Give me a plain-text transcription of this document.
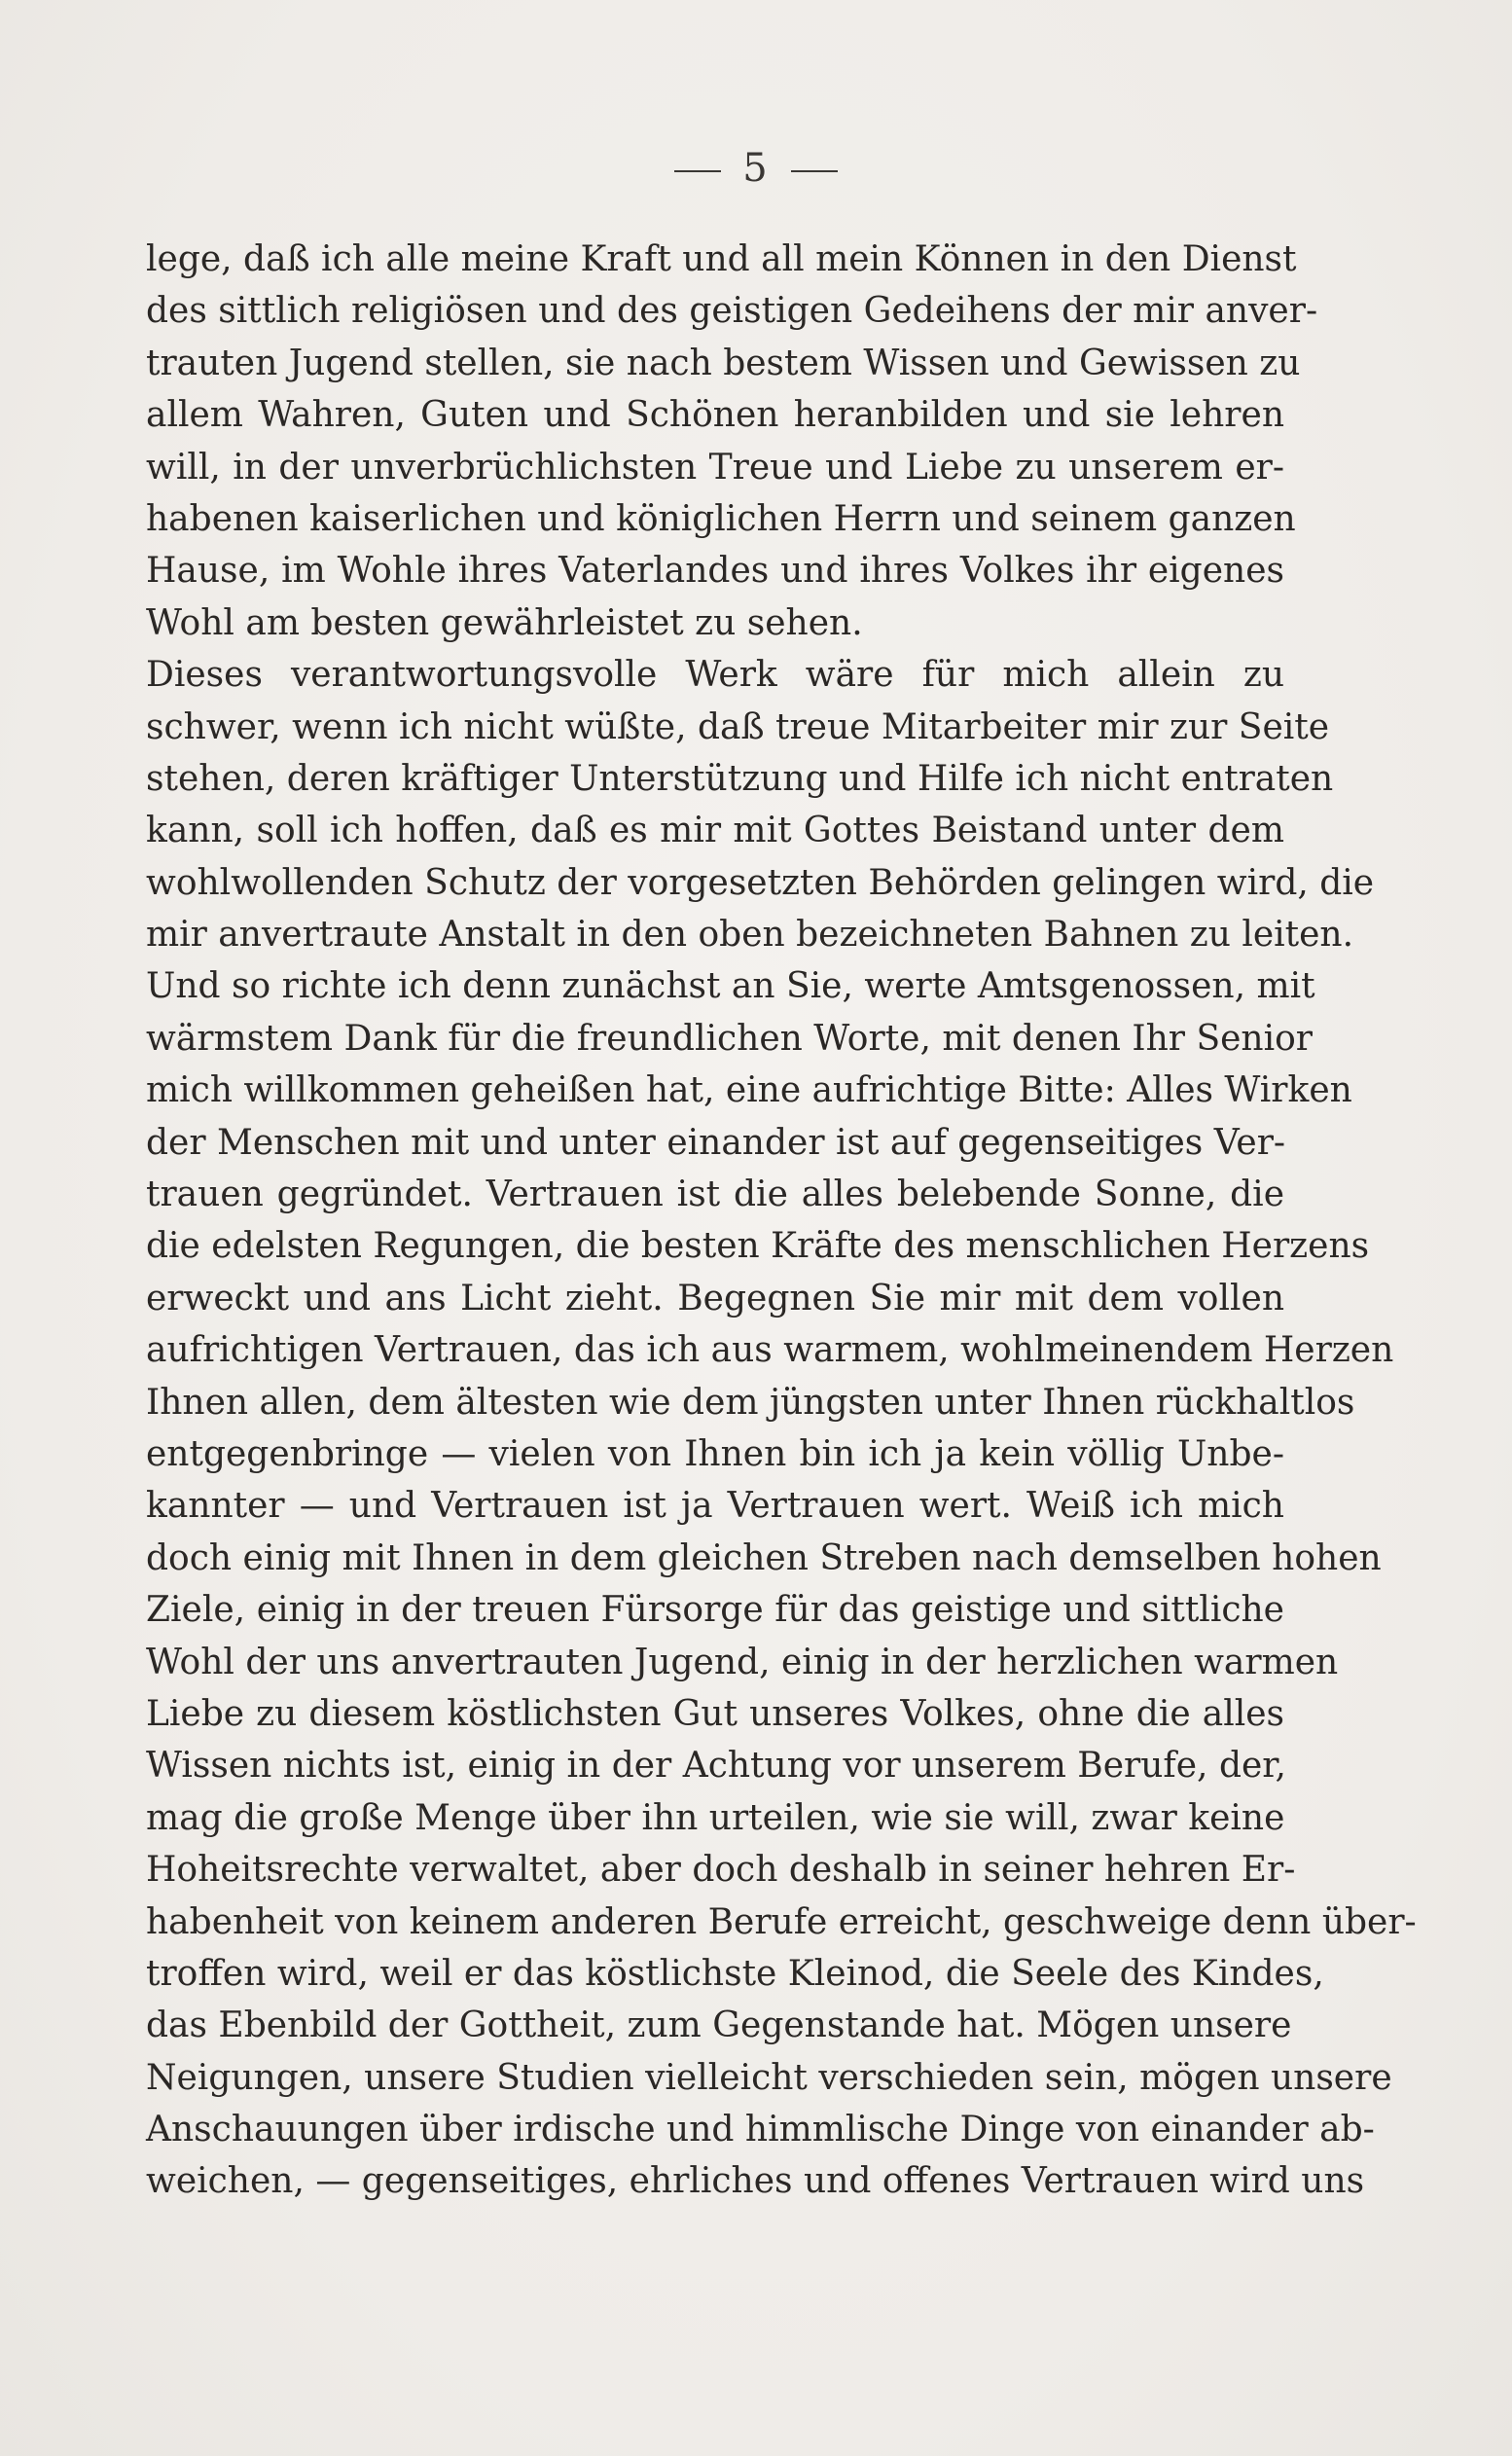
5
lege, daß ich alle meine Kraft und all mein Können in den Dienst
des sittlich religiösen und des geistigen Gedeihens der mir anver-
trauten Jugend stellen, sie nach bestem Wissen und Gewissen zu
allem Wahren, Guten und Schönen heranbilden und sie lehren
will, in der unverbrüchlichsten Treue und Liebe zu unserem er-
habenen kaiserlichen und königlichen Herrn und seinem ganzen
Hause, im Wohle ihres Vaterlandes und ihres Volkes ihr eigenes
Wohl am besten gewährleistet zu sehen.
Dieses verantwortungsvolle Werk wäre für mich allein zu
schwer, wenn ich nicht wüßte, daß treue Mitarbeiter mir zur Seite
stehen, deren kräftiger Unterstützung und Hilfe ich nicht entraten
kann, soll ich hoffen, daß es mir mit Gottes Beistand unter dem
wohlwollenden Schutz der vorgesetzten Behörden gelingen wird, die
mir anvertraute Anstalt in den oben bezeichneten Bahnen zu leiten.
Und so richte ich denn zunächst an Sie, werte Amtsgenossen, mit
wärmstem Dank für die freundlichen Worte, mit denen Ihr Senior
mich willkommen geheißen hat, eine aufrichtige Bitte: Alles Wirken
der Menschen mit und unter einander ist auf gegenseitiges Ver-
trauen gegründet. Vertrauen ist die alles belebende Sonne, die
die edelsten Regungen, die besten Kräfte des menschlichen Herzens
erweckt und ans Licht zieht. Begegnen Sie mir mit dem vollen
aufrichtigen Vertrauen, das ich aus warmem, wohlmeinendem Herzen
Ihnen allen, dem ältesten wie dem jüngsten unter Ihnen rückhaltlos
entgegenbringe — vielen von Ihnen bin ich ja kein völlig Unbe-
kannter — und Vertrauen ist ja Vertrauen wert. Weiß ich mich
doch einig mit Ihnen in dem gleichen Streben nach demselben hohen
Ziele, einig in der treuen Fürsorge für das geistige und sittliche
Wohl der uns anvertrauten Jugend, einig in der herzlichen warmen
Liebe zu diesem köstlichsten Gut unseres Volkes, ohne die alles
Wissen nichts ist, einig in der Achtung vor unserem Berufe, der,
mag die große Menge über ihn urteilen, wie sie will, zwar keine
Hoheitsrechte verwaltet, aber doch deshalb in seiner hehren Er-
habenheit von keinem anderen Berufe erreicht, geschweige denn über-
troffen wird, weil er das köstlichste Kleinod, die Seele des Kindes,
das Ebenbild der Gottheit, zum Gegenstande hat. Mögen unsere
Neigungen, unsere Studien vielleicht verschieden sein, mögen unsere
Anschauungen über irdische und himmlische Dinge von einander ab-
weichen, — gegenseitiges, ehrliches und offenes Vertrauen wird uns
